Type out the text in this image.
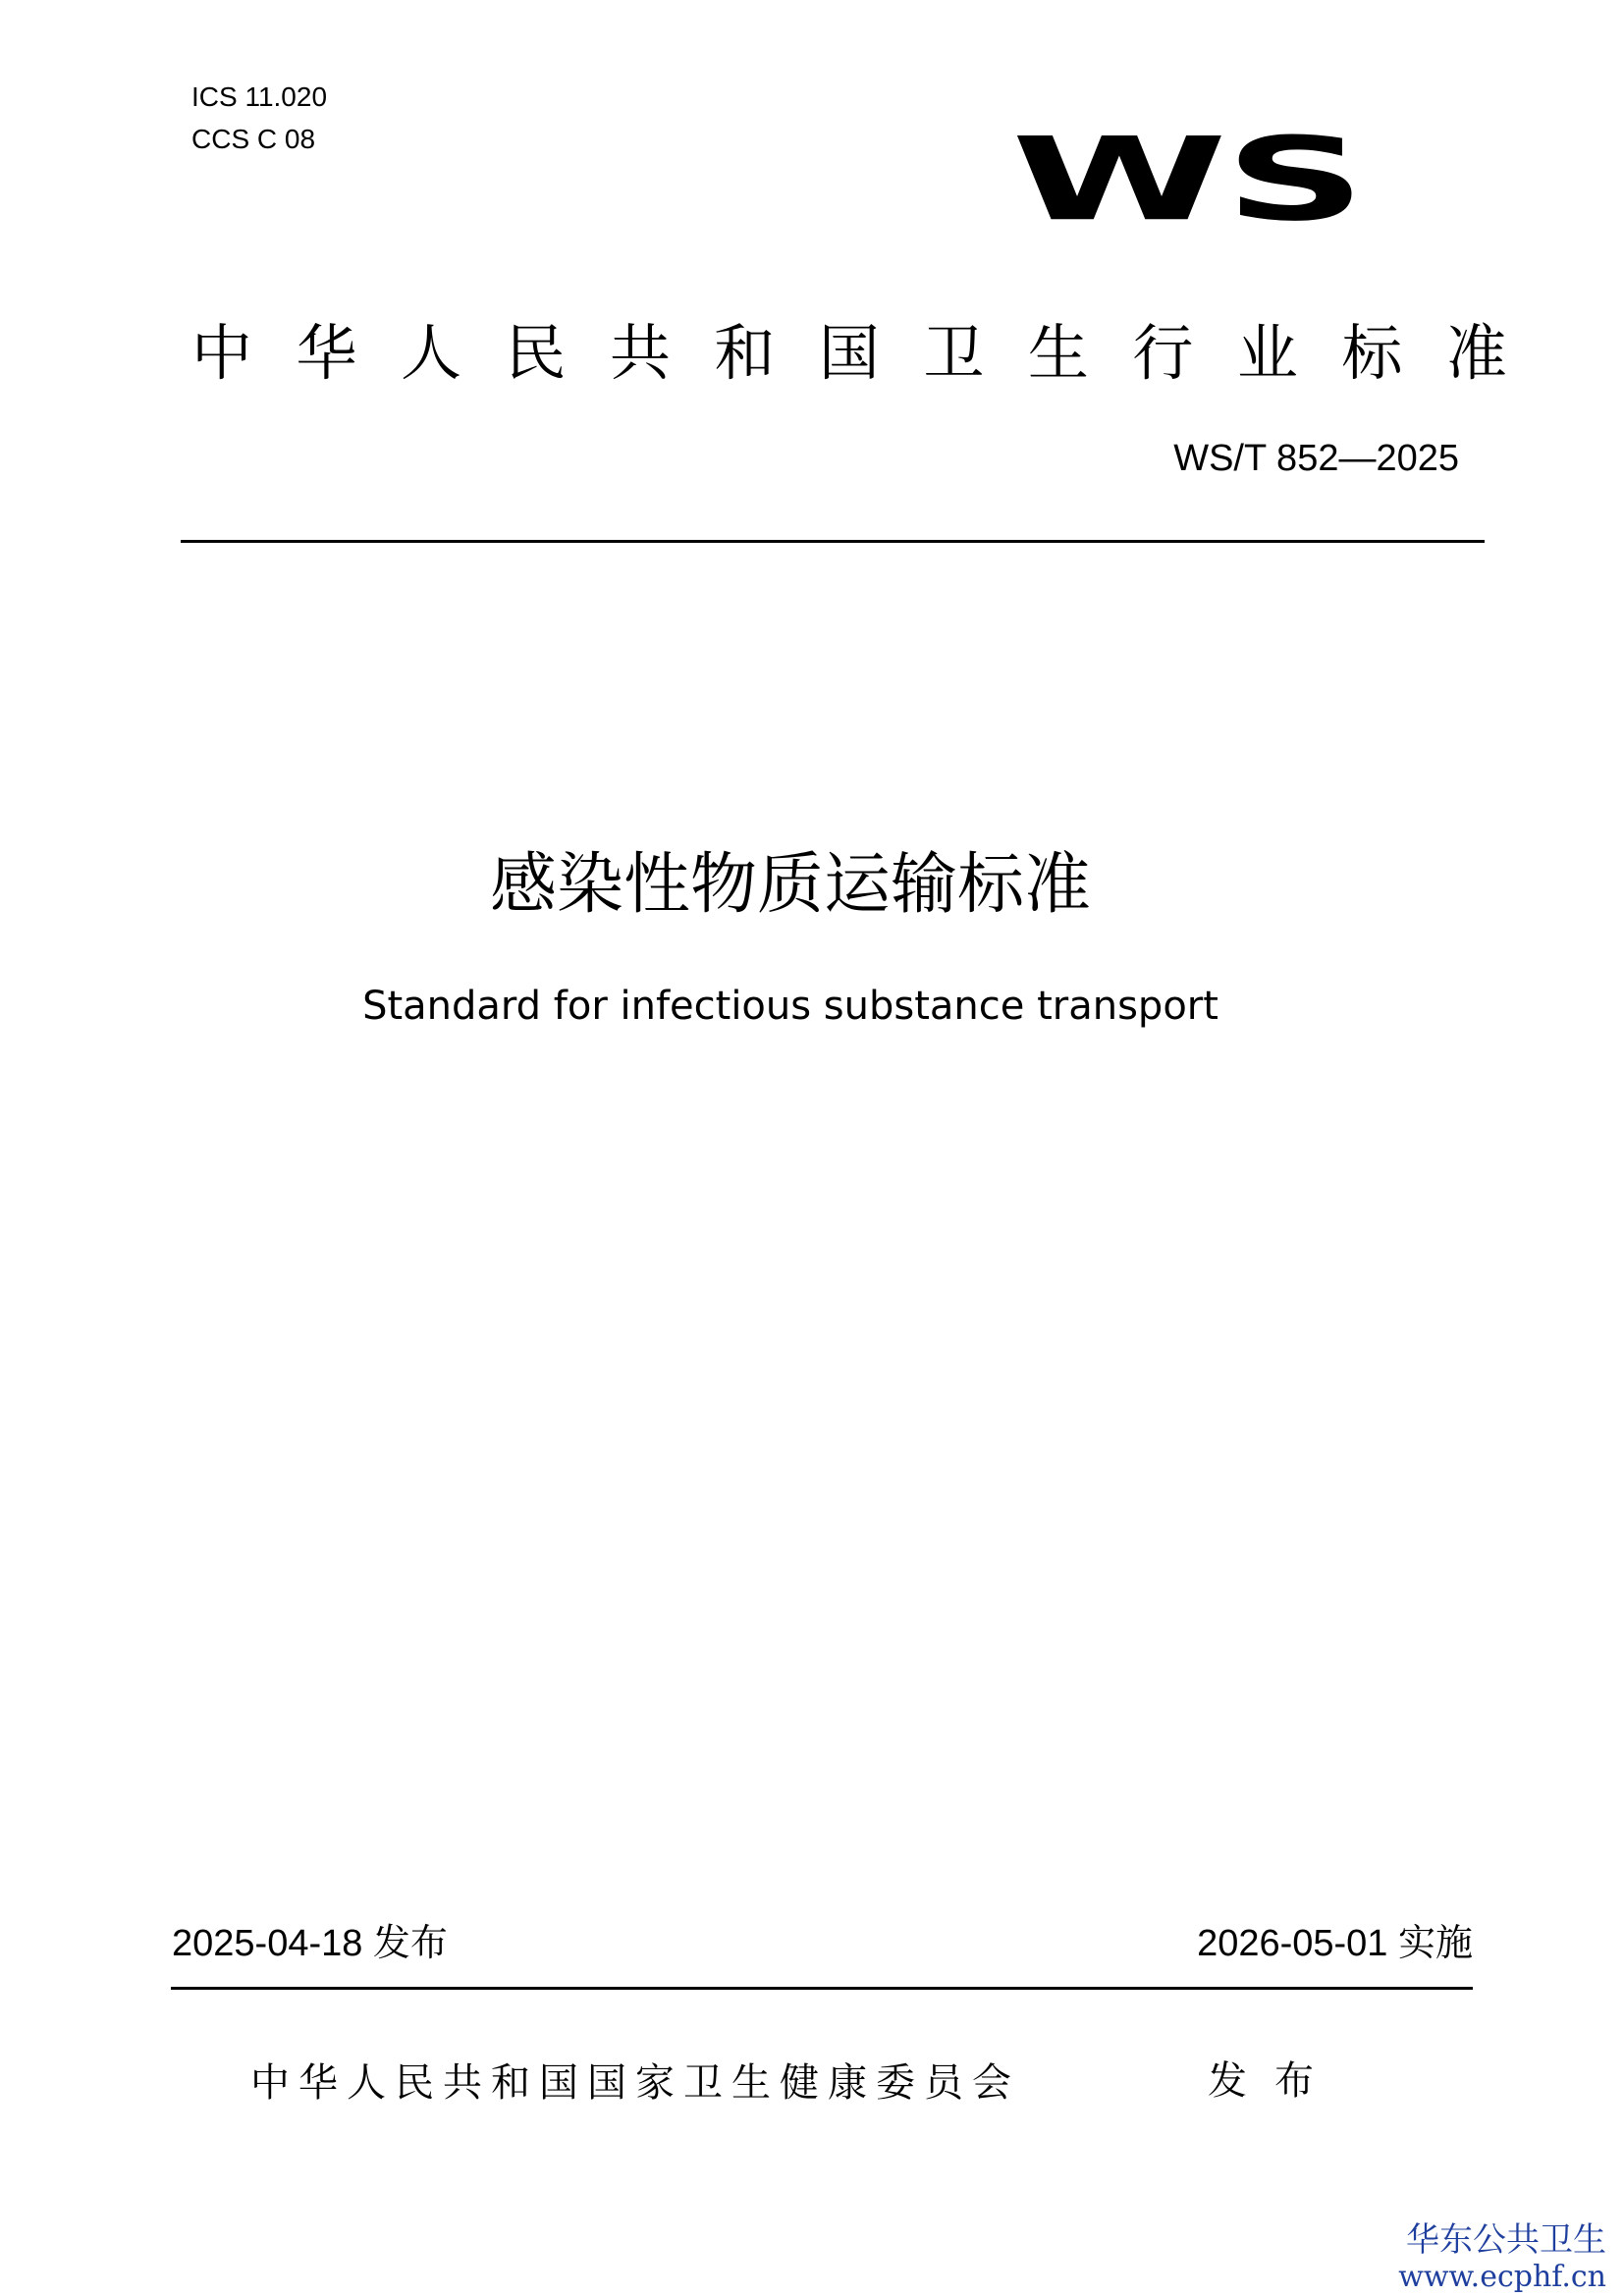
ICS 11.020
CCS C 08	WS
中 华 人 民 共 和 国 卫 生 行 业 标 准
WS/T 852—2025
感染性物质运输标准
Standard for infectious substance transport
2025-04-18 发布	2026-05-01 实施
中华人民共和国国家卫生健康委员会	发布
华东公共卫生
www.ecphf.cn
